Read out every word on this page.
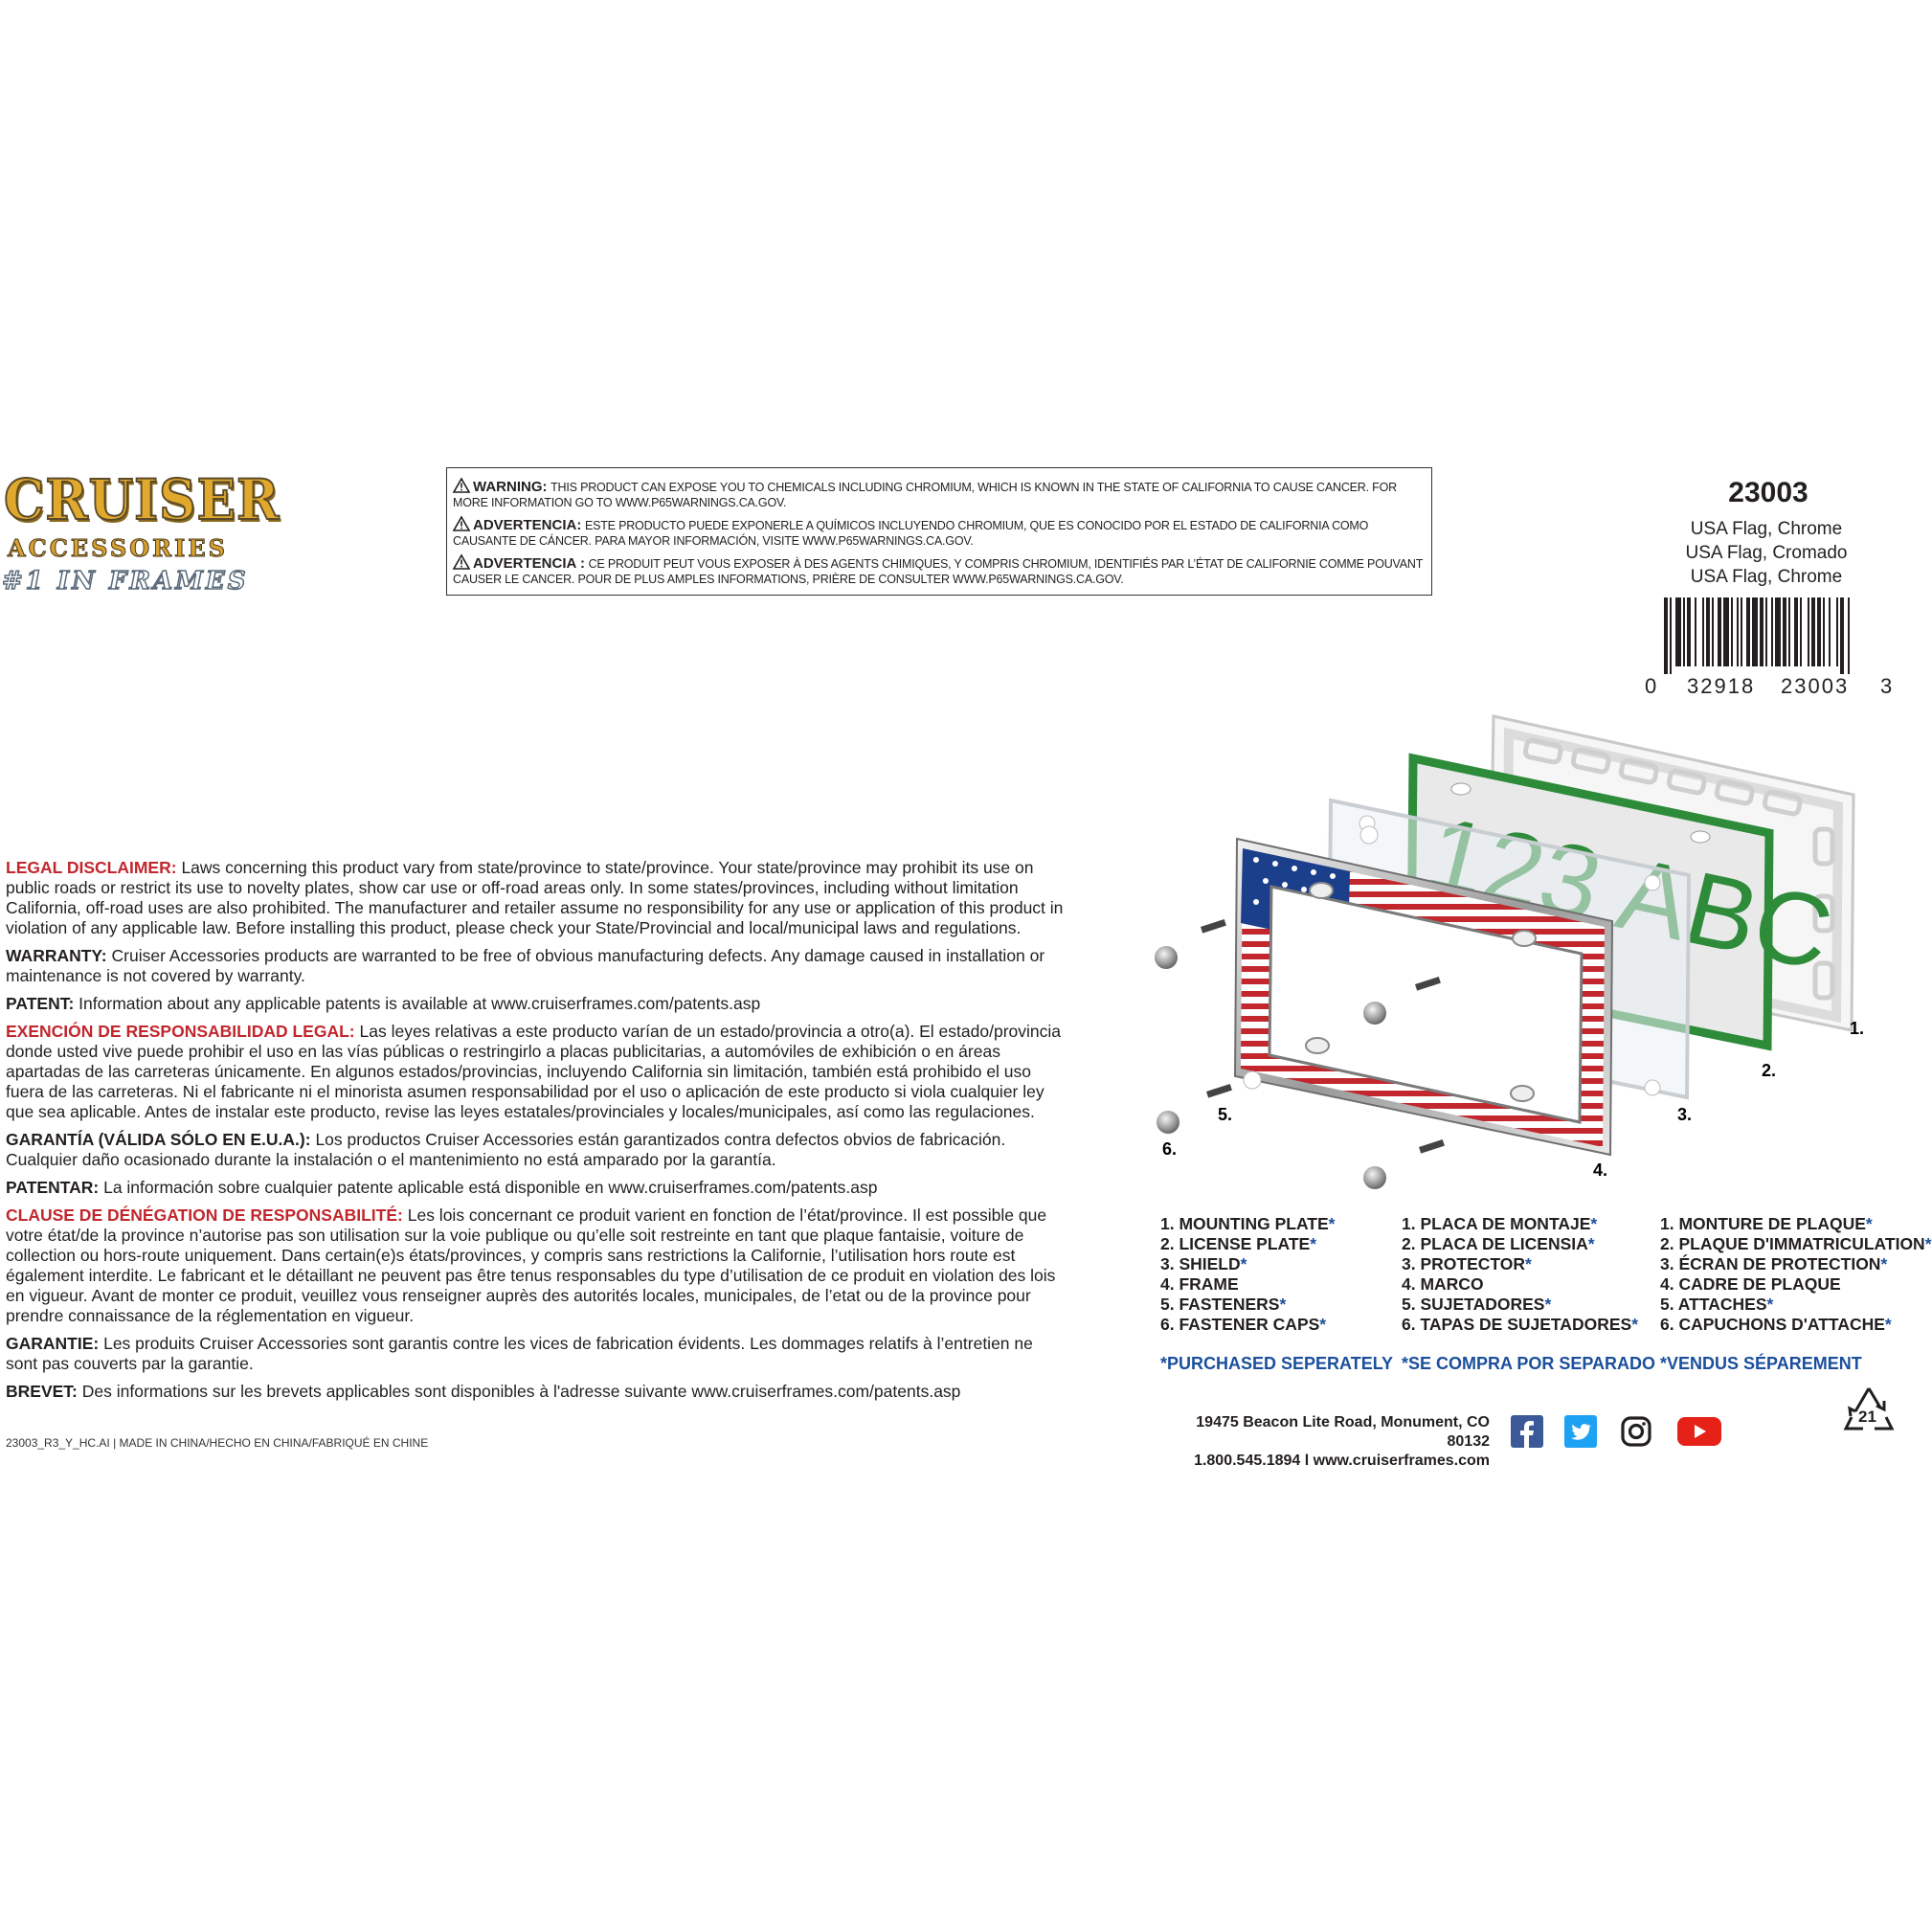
CRUISER
ACCESSORIES
#1 IN FRAMES
WARNING: THIS PRODUCT CAN EXPOSE YOU TO CHEMICALS INCLUDING CHROMIUM, WHICH IS KNOWN IN THE STATE OF CALIFORNIA TO CAUSE CANCER. FOR MORE INFORMATION GO TO WWW.P65WARNINGS.CA.GOV.
ADVERTENCIA: ESTE PRODUCTO PUEDE EXPONERLE A QUÍMICOS INCLUYENDO CHROMIUM, QUE ES CONOCIDO POR EL ESTADO DE CALIFORNIA COMO CAUSANTE DE CÁNCER. PARA MAYOR INFORMACIÓN, VISITE WWW.P65WARNINGS.CA.GOV.
ADVERTENCIA : CE PRODUIT PEUT VOUS EXPOSER À DES AGENTS CHIMIQUES, Y COMPRIS CHROMIUM, IDENTIFIÉS PAR L’ÉTAT DE CALIFORNIE COMME POUVANT CAUSER LE CANCER. POUR DE PLUS AMPLES INFORMATIONS, PRIÈRE DE CONSULTER WWW.P65WARNINGS.CA.GOV.
23003
USA Flag, Chrome
USA Flag, Cromado
USA Flag, Chrome
0 32918 23003 3
ABC
1.
2.
3.
4.
5.
6.

LEGAL DISCLAIMER: Laws concerning this product vary from state/province to state/province. Your state/province may prohibit its use on public roads or restrict its use to novelty plates, show car use or off-road areas only. In some states/provinces, including without limitation California, off-road uses are also prohibited. The manufacturer and retailer assume no responsibility for any use or application of this product in violation of any applicable law. Before installing this product, please check your State/Provincial and local/municipal laws and regulations.

WARRANTY: Cruiser Accessories products are warranted to be free of obvious manufacturing defects. Any damage caused in installation or maintenance is not covered by warranty.

PATENT: Information about any applicable patents is available at www.cruiserframes.com/patents.asp

EXENCIÓN DE RESPONSABILIDAD LEGAL: Las leyes relativas a este producto varían de un estado/provincia a otro(a). El estado/provincia donde usted vive puede prohibir el uso en las vías públicas o restringirlo a placas publicitarias, a automóviles de exhibición o en áreas apartadas de las carreteras únicamente. En algunos estados/provincias, incluyendo California sin limitación, también está prohibido el uso fuera de las carreteras. Ni el fabricante ni el minorista asumen responsabilidad por el uso o aplicación de este producto si viola cualquier ley que sea aplicable. Antes de instalar este producto, revise las leyes estatales/provinciales y locales/municipales, así como las regulaciones.

GARANTÍA (VÁLIDA SÓLO EN E.U.A.): Los productos Cruiser Accessories están garantizados contra defectos obvios de fabricación. Cualquier daño ocasionado durante la instalación o el mantenimiento no está amparado por la garantía.

PATENTAR: La información sobre cualquier patente aplicable está disponible en www.cruiserframes.com/patents.asp

CLAUSE DE DÉNÉGATION DE RESPONSABILITÉ: Les lois concernant ce produit varient en fonction de l’état/province. Il est possible que votre état/de la province n’autorise pas son utilisation sur la voie publique ou qu’elle soit restreinte en tant que plaque fantaisie, voiture de collection ou hors-route uniquement. Dans certain(e)s états/provinces, y compris sans restrictions la Californie, l’utilisation hors route est également interdite. Le fabricant et le détaillant ne peuvent pas être tenus responsables du type d’utilisation de ce produit en violation des lois en vigueur. Avant de monter ce produit, veuillez vous renseigner auprès des autorités locales, municipales, de l’etat ou de la province pour prendre connaissance de la réglementation en vigueur.

GARANTIE: Les produits Cruiser Accessories sont garantis contre les vices de fabrication évidents. Les dommages relatifs à l’entretien ne sont pas couverts par la garantie.

BREVET: Des informations sur les brevets applicables sont disponibles à l'adresse suivante www.cruiserframes.com/patents.asp

23003_R3_Y_HC.AI | MADE IN CHINA/HECHO EN CHINA/FABRIQUÉ EN CHINE
1. MOUNTING PLATE*
2. LICENSE PLATE*
3. SHIELD*
4. FRAME
5. FASTENERS*
6. FASTENER CAPS*
1. PLACA DE MONTAJE*
2. PLACA DE LICENSIA*
3. PROTECTOR*
4. MARCO
5. SUJETADORES*
6. TAPAS DE SUJETADORES*
1. MONTURE DE PLAQUE*
2. PLAQUE D'IMMATRICULATION*
3. ÉCRAN DE PROTECTION*
4. CADRE DE PLAQUE
5. ATTACHES*
6. CAPUCHONS D'ATTACHE*
*PURCHASED SEPERATELY *SE COMPRA POR SEPARADO *VENDUS SÉPAREMENT
19475 Beacon Lite Road, Monument, CO 80132
1.800.545.1894 l www.cruiserframes.com
21
